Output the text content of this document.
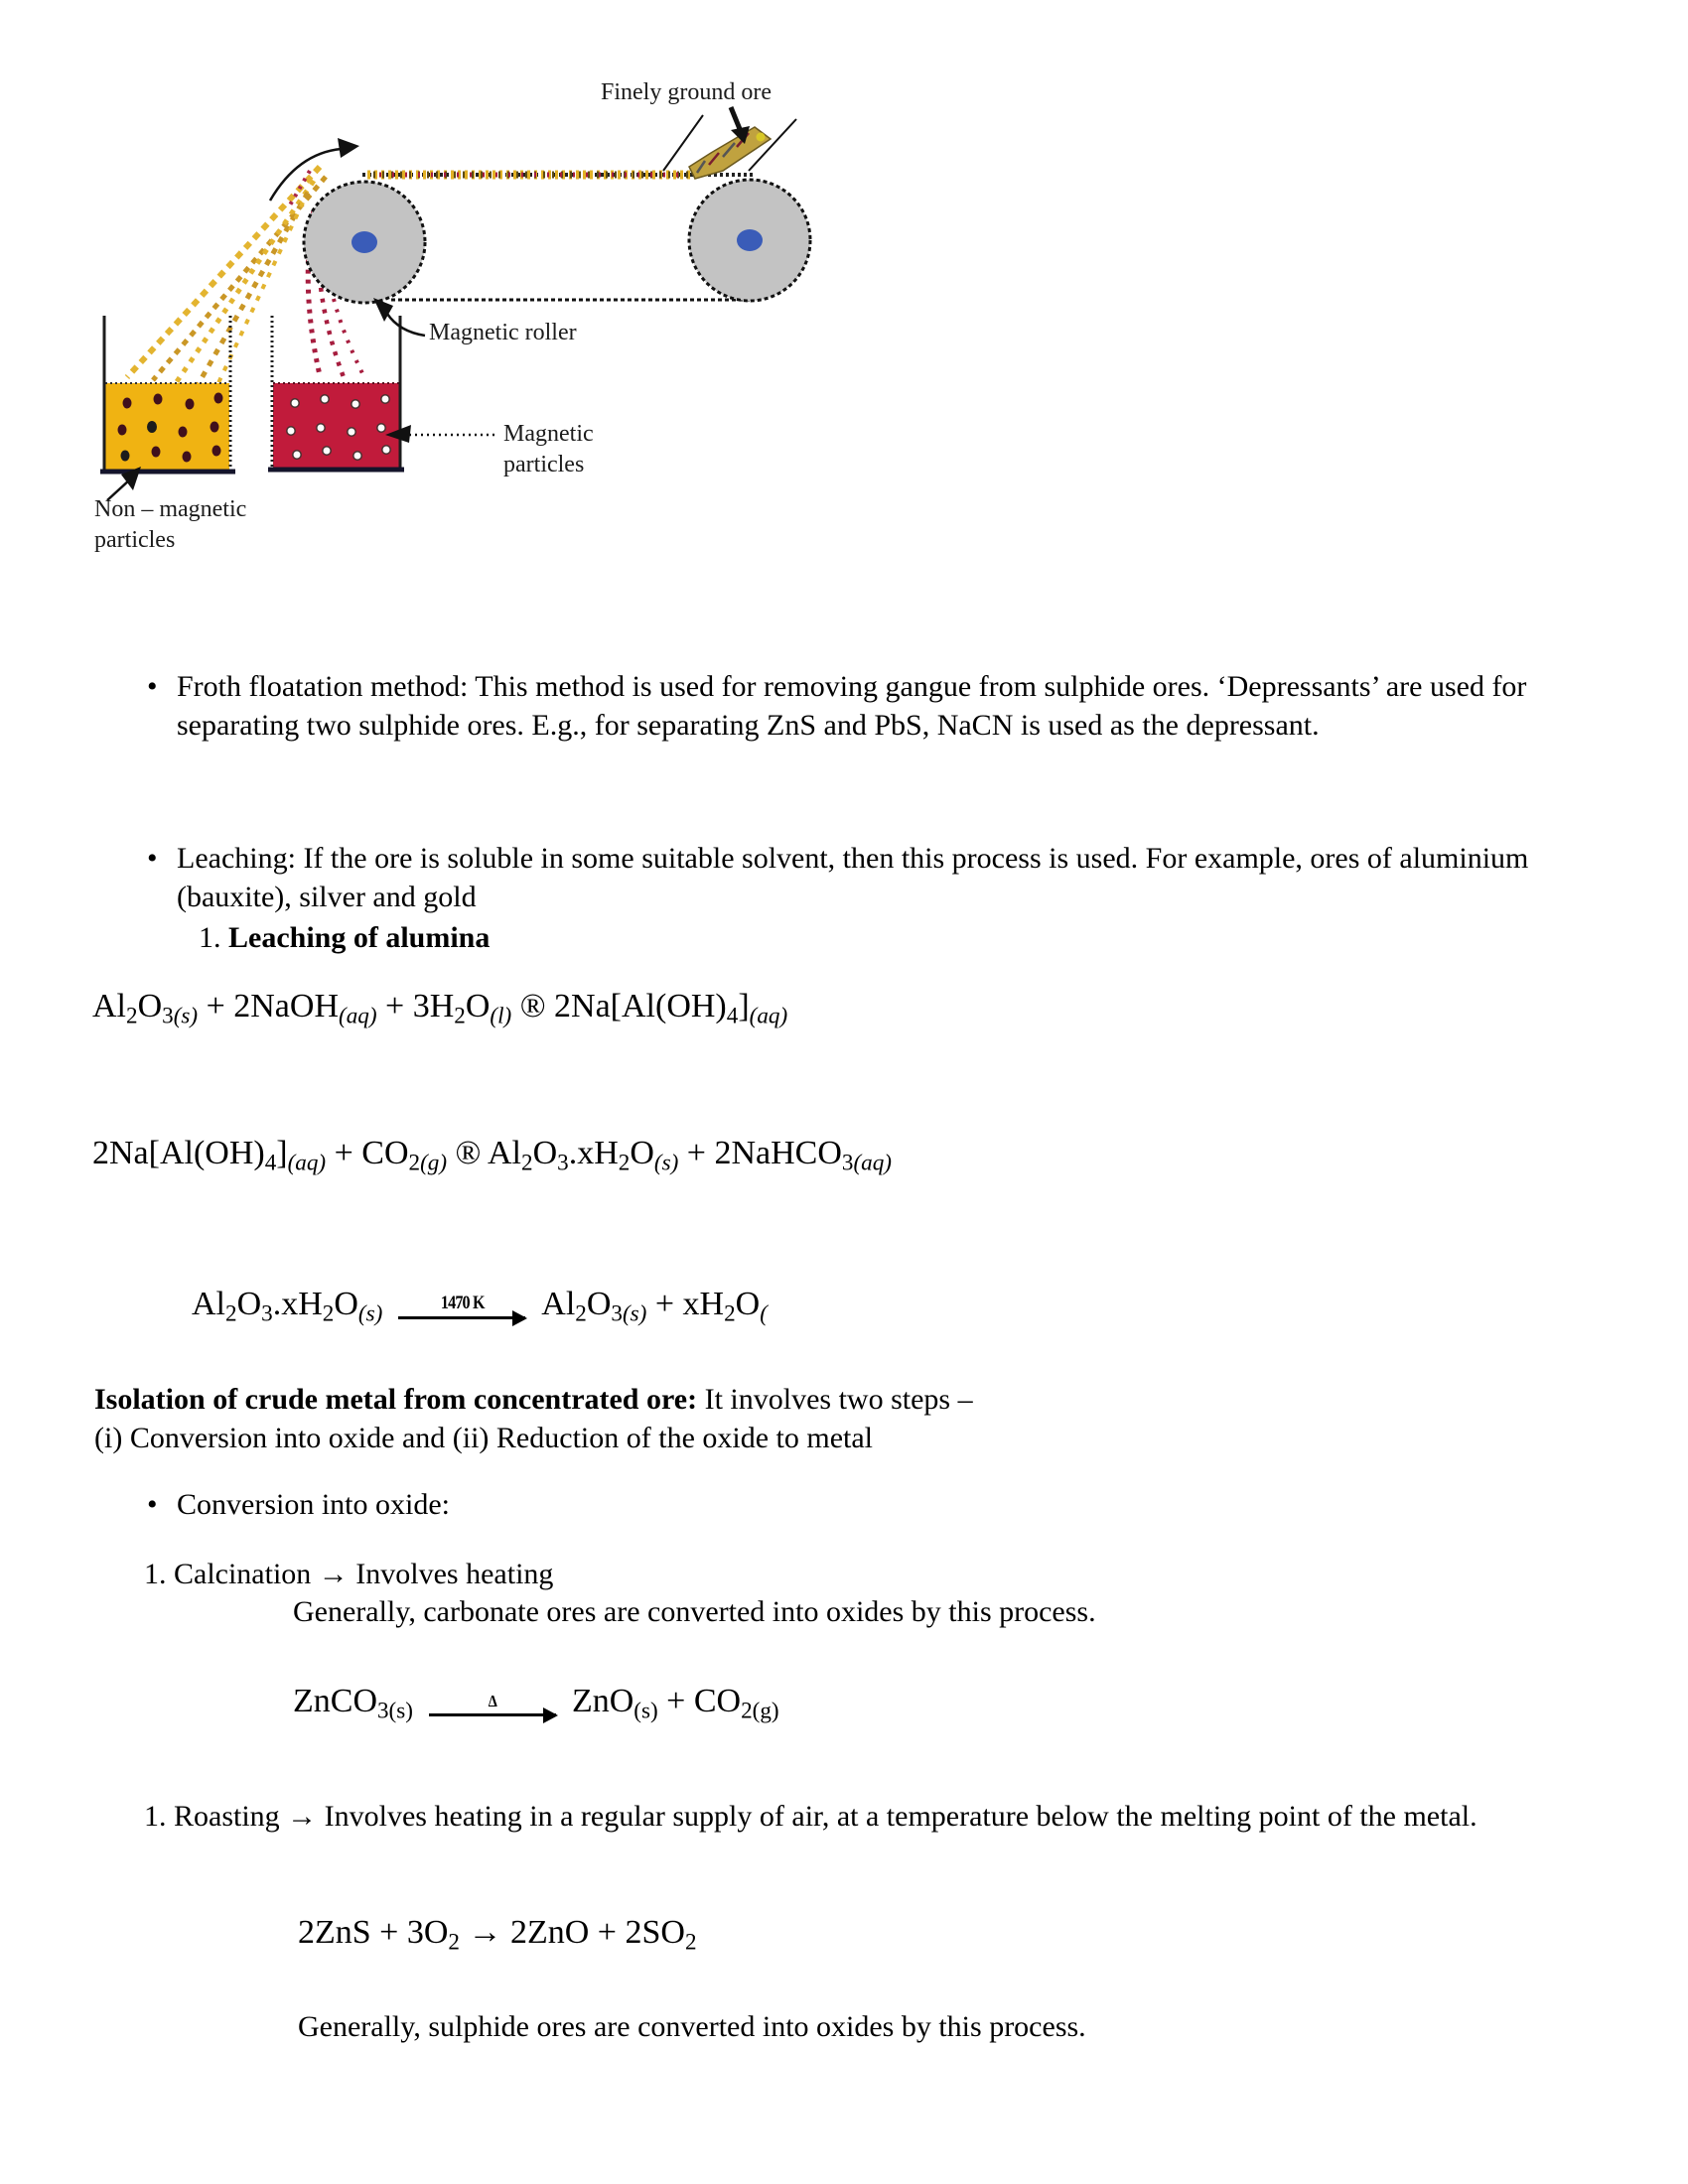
Finely ground ore
Magnetic roller
Magnetic
particles
Non – magnetic
particles
• Froth floatation method: This method is used for removing gangue from sulphide ores. ‘Depressants’ are used for separating two sulphide ores. E.g., for separating ZnS and PbS, NaCN is used as the depressant.
• Leaching: If the ore is soluble in some suitable solvent, then this process is used. For example, ores of aluminium (bauxite), silver and gold
1. Leaching of alumina
$Al_2O_{3(s)}$ + 2NaOH$_{(aq)}$ + $3H_2O_{(l)}$ ® $2Na[Al(OH)_4]_{(aq)}$
$2Na[Al(OH)_4]_{(aq)} + CO_{2(g)}$ ® $Al_2O_3.xH_2O_{(s)}$ + 2NaHCO$_{3(aq)}$
$Al_2O_3.xH_2O_{(s)}$	1470 K $Al_2O_{3(s)} + xH_2O_($
Isolation of crude metal from concentrated ore: It involves two steps –
(i) Conversion into oxide and (ii) Reduction of the oxide to metal
• Conversion into oxide:
1. Calcination → Involves heating
Generally, carbonate ores are converted into oxides by this process.
ZnCO$_{3(s)}$	Δ $ZnO_{(s)} + CO_{2(g)}$
1. Roasting → Involves heating in a regular supply of air, at a temperature below the melting point of the metal.
$2ZnS + 3O_2 \to 2ZnO + 2SO_2$
Generally, sulphide ores are converted into oxides by this process.
